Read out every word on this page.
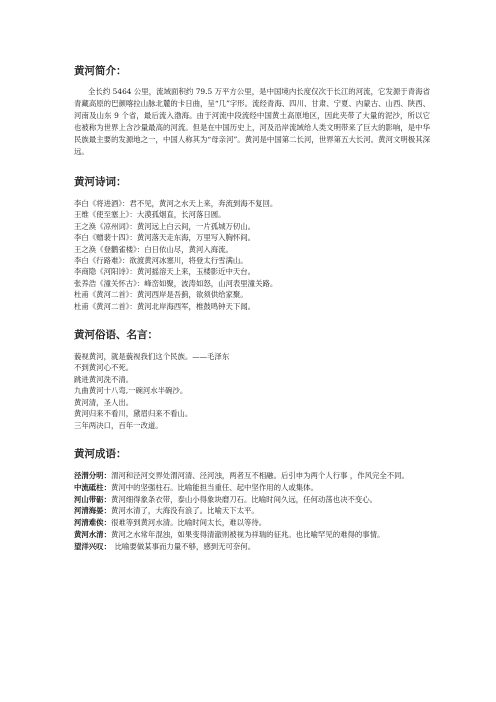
黄河简介：

全长约 5464 公里，流域面积约 79.5 万平方公里，是中国境内长度仅次于长江的河流，它发源于青海省青藏高原的巴颜喀拉山脉北麓的卡日曲，呈“几”字形。流经青海、四川、甘肃、宁夏、内蒙古、山西、陕西、河南及山东 9 个省，最后流入渤海。由于河流中段流经中国黄土高原地区，因此夹带了大量的泥沙，所以它也被称为世界上含沙量最高的河流。但是在中国历史上，河及沿岸流域给人类文明带来了巨大的影响，是中华民族最主要的发源地之一，中国人称其为“母亲河”。黄河是中国第二长河，世界第五大长河。黄河文明极其深远。

黄河诗词：

李白《将进酒》：君不见，黄河之水天上来，奔流到海不复回。

王维《使至塞上》：大漠孤烟直，长河落日圆。

王之涣《凉州词》：黄河远上白云间，一片孤城万仞山。

李白《赠裴十四》：黄河落天走东海，万里写入胸怀间。

王之涣《登鹳雀楼》：白日依山尽，黄河入海流。

李白《行路难》：欲渡黄河冰塞川，将登太行雪满山。

李商隐《河阳诗》：黄河摇溶天上来，玉楼影近中天台。

张养浩《潼关怀古》：峰峦如聚，波涛如怒，山河表里潼关路。

杜甫《黄河二首》：黄河西岸是吾蓟，欲须供给家聚。

杜甫《黄河二首》：黄河北岸海西军，椎鼓鸣钟天下闻。

黄河俗语、名言：

藐视黄河，就是藐视我们这个民族。——毛泽东

不到黄河心不死。

跳进黄河洗不清。

九曲黄河十八弯,一碗河水半碗沙。

黄河清，圣人出。

黄河归来不看川，黛眉归来不看山。

三年两决口，百年一改道。

黄河成语：

泾渭分明：渭河和泾河交界处渭河清、泾河浊，两者互不相融。后引申为两个人行事 ，作风完全不同。

中流砥柱：黄河中的坚强柱石。比喻能担当重任、起中坚作用的人或集体。

河山带砺：黄河细得象条衣带，泰山小得象块磨刀石。比喻时间久远，任何动荡也决不变心。

河清海晏：黄河水清了，大海没有浪了。比喻天下太平。

河清难俟：很难等到黄河水清。比喻时间太长，难以等待。

黄河水清：黄河之水常年混浊，如果变得清澈则被视为祥瑞的征兆。也比喻罕见的难得的事情。

望洋兴叹：　比喻要做某事而力量不够，感到无可奈何。
